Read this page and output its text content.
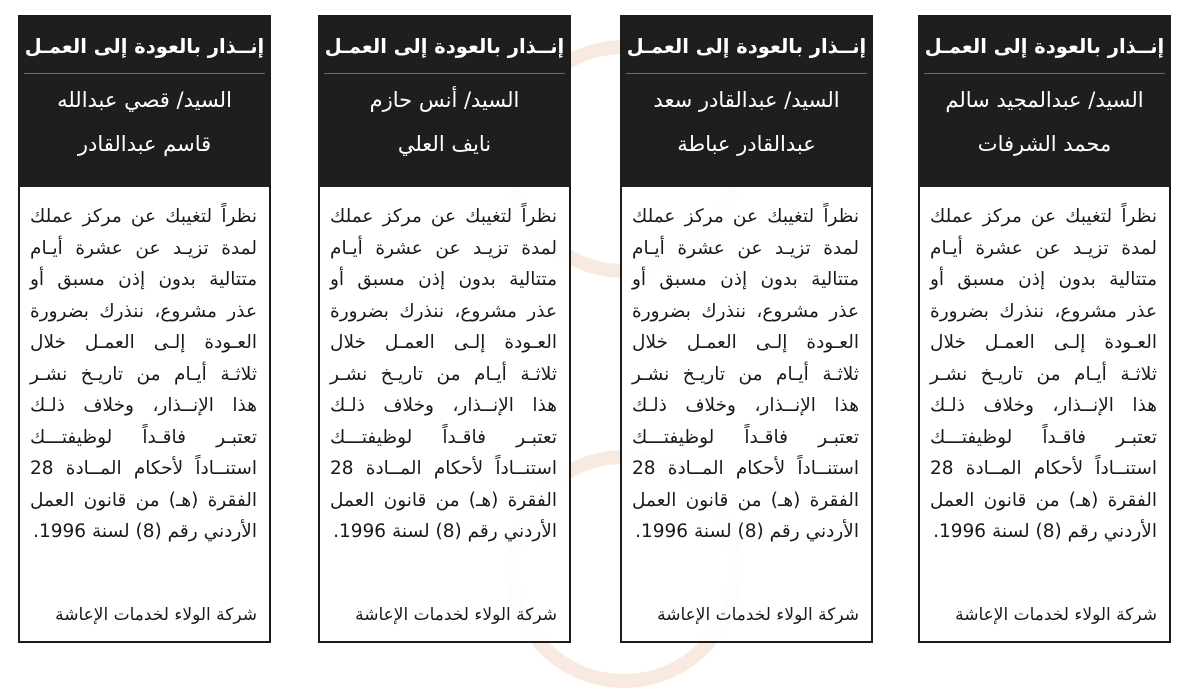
إنــذار بالعودة إلى العمـل
السيد/ عبدالمجيد سالم
محمد الشرفات
نظراً لتغيبك عن مركز عملك
لمدة تزيـد عن عشرة أيـام
متتالية بدون إذن مسبق أو
عذر مشروع، ننذرك بضرورة
العـودة إلـى العمـل خلال
ثلاثـة أيـام من تاريـخ نشـر
هذا الإنــذار، وخلاف ذلـك
تعتبـر فاقـداً لوظيفتـــك
استنــاداً لأحكام المــادة 28
الفقرة (هـ) من قانون العمل
الأردني رقم (8) لسنة 1996.
شركة الولاء لخدمات الإعاشة
إنــذار بالعودة إلى العمـل
السيد/ عبدالقادر سعد
عبدالقادر عباطة
نظراً لتغيبك عن مركز عملك
لمدة تزيـد عن عشرة أيـام
متتالية بدون إذن مسبق أو
عذر مشروع، ننذرك بضرورة
العـودة إلـى العمـل خلال
ثلاثـة أيـام من تاريـخ نشـر
هذا الإنــذار، وخلاف ذلـك
تعتبـر فاقـداً لوظيفتـــك
استنــاداً لأحكام المــادة 28
الفقرة (هـ) من قانون العمل
الأردني رقم (8) لسنة 1996.
شركة الولاء لخدمات الإعاشة
إنــذار بالعودة إلى العمـل
السيد/ أنس حازم
نايف العلي
نظراً لتغيبك عن مركز عملك
لمدة تزيـد عن عشرة أيـام
متتالية بدون إذن مسبق أو
عذر مشروع، ننذرك بضرورة
العـودة إلـى العمـل خلال
ثلاثـة أيـام من تاريـخ نشـر
هذا الإنــذار، وخلاف ذلـك
تعتبـر فاقـداً لوظيفتـــك
استنــاداً لأحكام المــادة 28
الفقرة (هـ) من قانون العمل
الأردني رقم (8) لسنة 1996.
شركة الولاء لخدمات الإعاشة
إنــذار بالعودة إلى العمـل
السيد/ قصي عبدالله
قاسم عبدالقادر
نظراً لتغيبك عن مركز عملك
لمدة تزيـد عن عشرة أيـام
متتالية بدون إذن مسبق أو
عذر مشروع، ننذرك بضرورة
العـودة إلـى العمـل خلال
ثلاثـة أيـام من تاريـخ نشـر
هذا الإنــذار، وخلاف ذلـك
تعتبـر فاقـداً لوظيفتـــك
استنــاداً لأحكام المــادة 28
الفقرة (هـ) من قانون العمل
الأردني رقم (8) لسنة 1996.
شركة الولاء لخدمات الإعاشة
